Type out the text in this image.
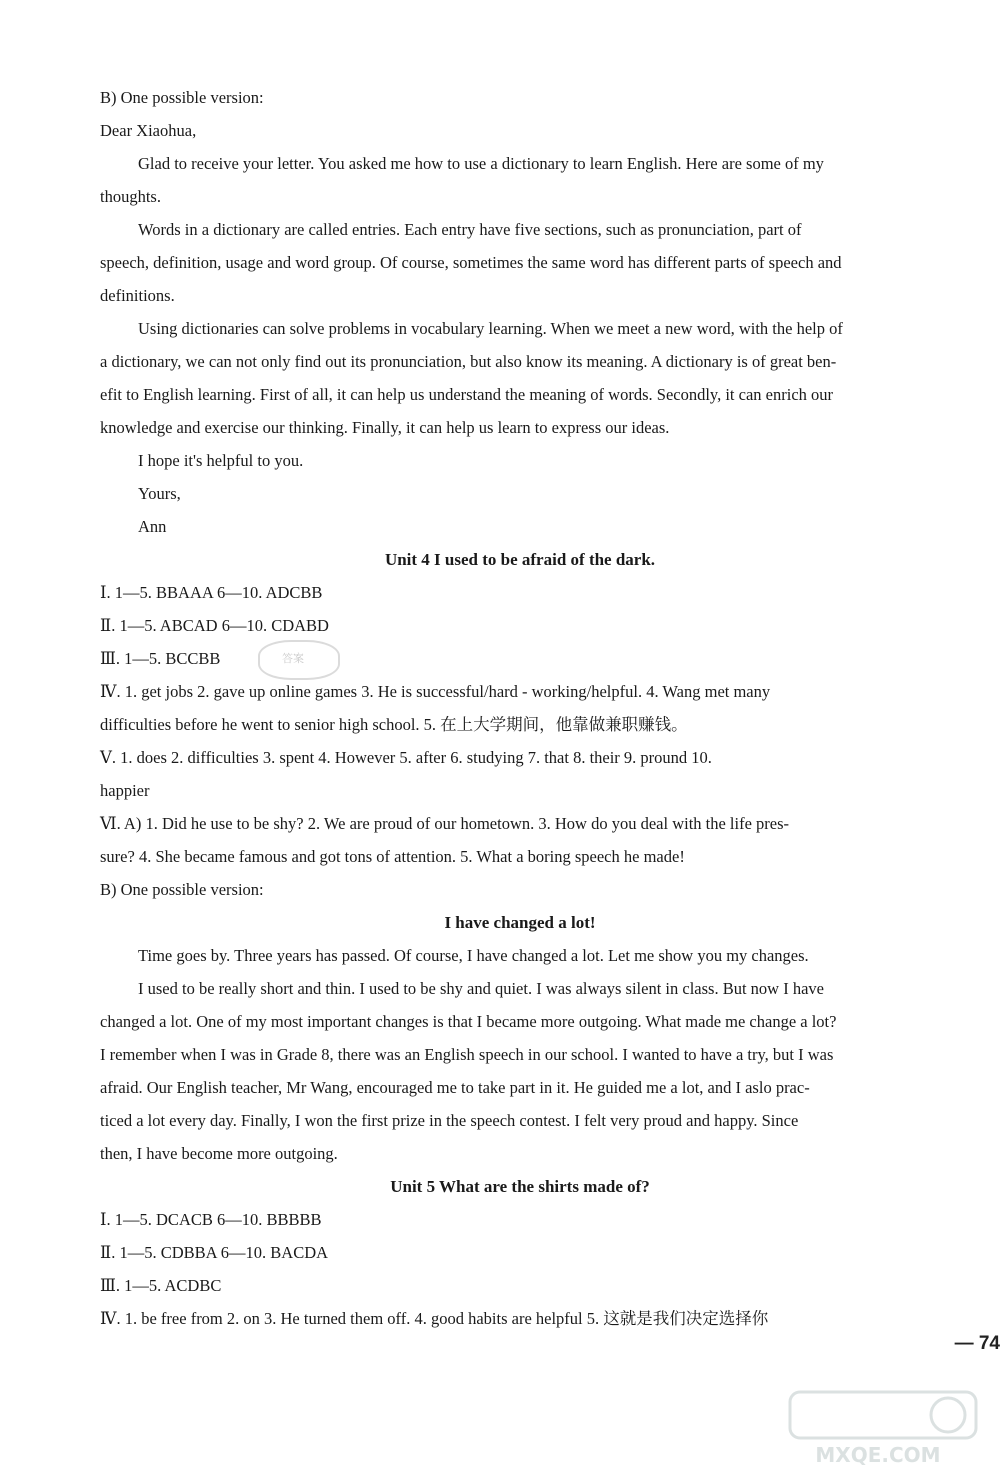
B) One possible version:
Dear Xiaohua,
Glad to receive your letter. You asked me how to use a dictionary to learn English. Here are some of my
thoughts.
Words in a dictionary are called entries. Each entry have five sections, such as pronunciation, part of
speech, definition, usage and word group. Of course, sometimes the same word has different parts of speech and
definitions.
Using dictionaries can solve problems in vocabulary learning. When we meet a new word, with the help of
a dictionary, we can not only find out its pronunciation, but also know its meaning. A dictionary is of great ben-
efit to English learning. First of all, it can help us understand the meaning of words. Secondly, it can enrich our
knowledge and exercise our thinking. Finally, it can help us learn to express our ideas.
I hope it's helpful to you.
Yours,
Ann
Unit 4 I used to be afraid of the dark.
Ⅰ. 1—5. BBAAA 6—10. ADCBB
Ⅱ. 1—5. ABCAD 6—10. CDABD
Ⅲ. 1—5. BCCBB
Ⅳ. 1. get jobs 2. gave up online games 3. He is successful/hard - working/helpful. 4. Wang met many
difficulties before he went to senior high school. 5. 在上大学期间，他靠做兼职赚钱。
Ⅴ. 1. does 2. difficulties 3. spent 4. However 5. after 6. studying 7. that 8. their 9. pround 10.
happier
Ⅵ. A) 1. Did he use to be shy? 2. We are proud of our hometown. 3. How do you deal with the life pres-
sure? 4. She became famous and got tons of attention. 5. What a boring speech he made!
B) One possible version:
I have changed a lot!
Time goes by. Three years has passed. Of course, I have changed a lot. Let me show you my changes.
I used to be really short and thin. I used to be shy and quiet. I was always silent in class. But now I have
changed a lot. One of my most important changes is that I became more outgoing. What made me change a lot?
I remember when I was in Grade 8, there was an English speech in our school. I wanted to have a try, but I was
afraid. Our English teacher, Mr Wang, encouraged me to take part in it. He guided me a lot, and I aslo prac-
ticed a lot every day. Finally, I won the first prize in the speech contest. I felt very proud and happy. Since
then, I have become more outgoing.
Unit 5 What are the shirts made of?
Ⅰ. 1—5. DCACB 6—10. BBBBB
Ⅱ. 1—5. CDBBA 6—10. BACDA
Ⅲ. 1—5. ACDBC
Ⅳ. 1. be free from 2. on 3. He turned them off. 4. good habits are helpful 5. 这就是我们决定选择你
答案
— 74
MXQE.COM
